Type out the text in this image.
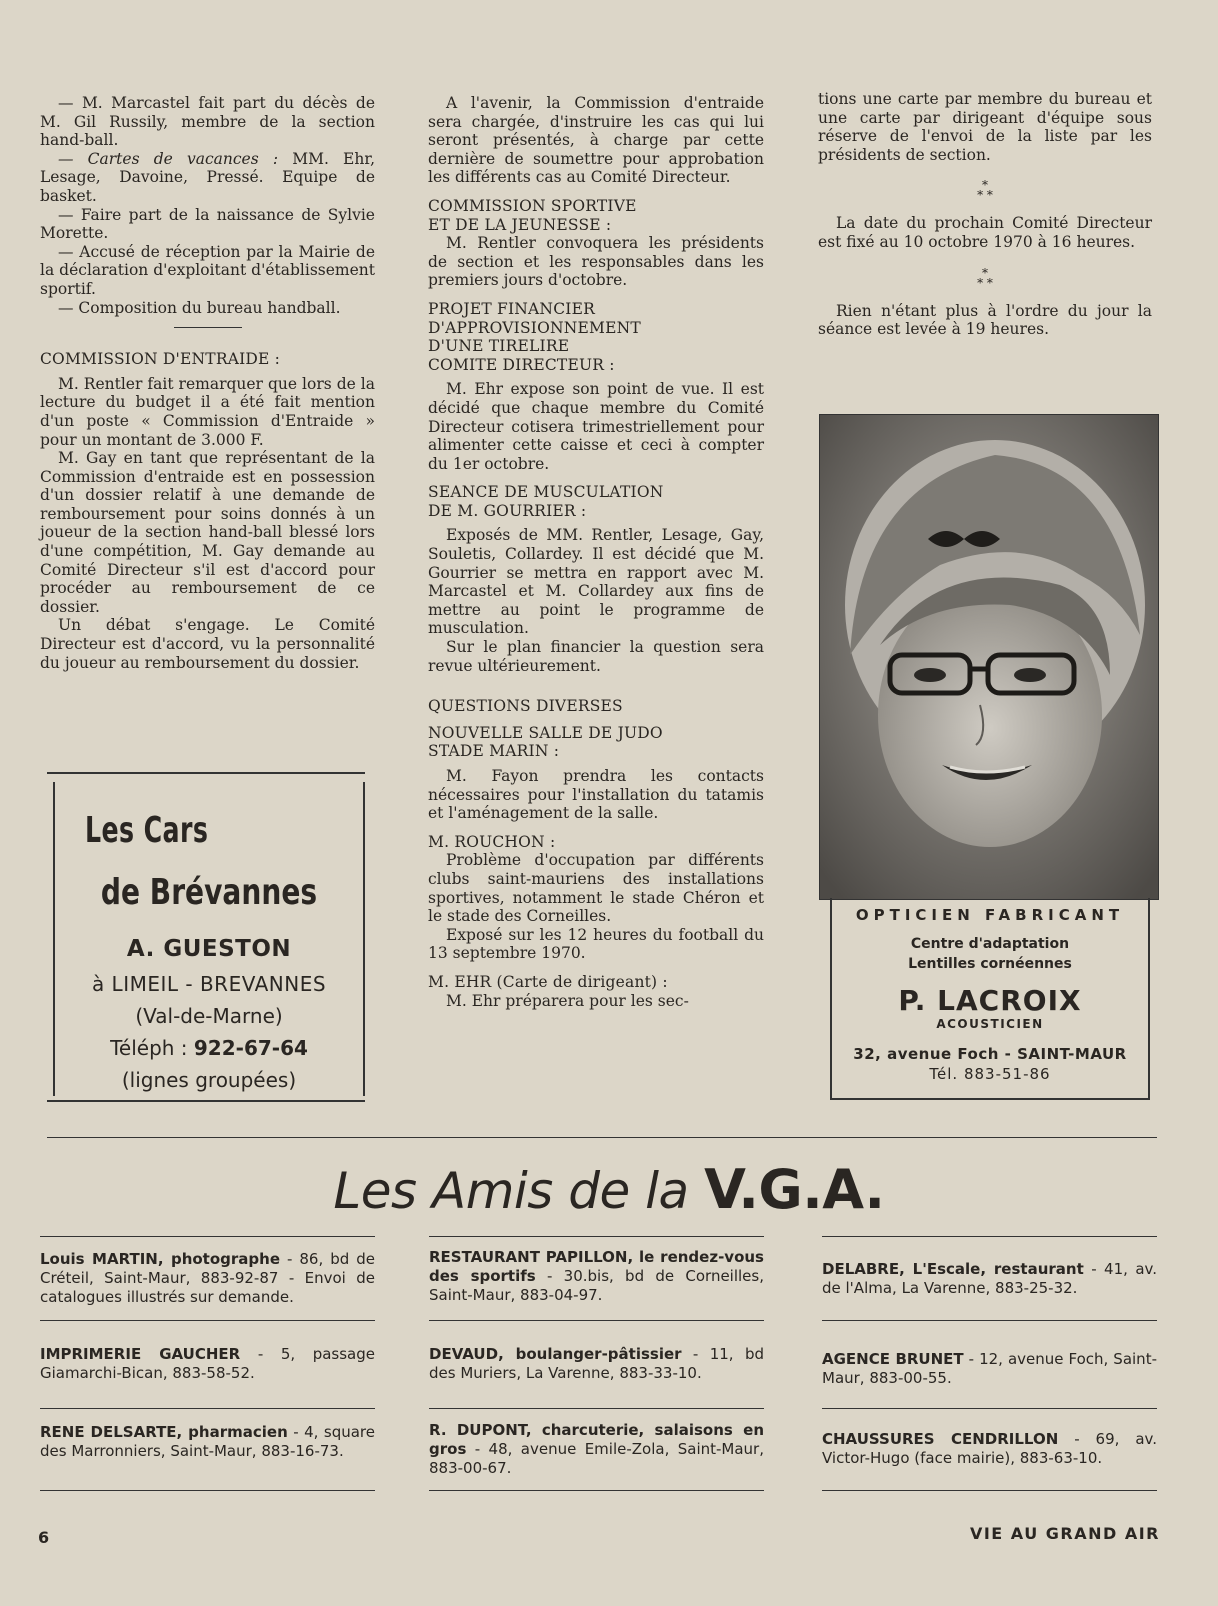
— M. Marcastel fait part du décès de M. Gil Russily, membre de la section hand-ball.

— Cartes de vacances : MM. Ehr, Lesage, Davoine, Pressé. Equipe de basket.

— Faire part de la naissance de Sylvie Morette.

— Accusé de réception par la Mairie de la déclaration d'exploitant d'établissement sportif.

— Composition du bureau handball.

COMMISSION D'ENTRAIDE :

M. Rentler fait remarquer que lors de la lecture du budget il a été fait mention d'un poste « Commission d'Entraide » pour un montant de 3.000 F.

M. Gay en tant que représentant de la Commission d'entraide est en possession d'un dossier relatif à une demande de remboursement pour soins donnés à un joueur de la section hand-ball blessé lors d'une compétition, M. Gay demande au Comité Directeur s'il est d'accord pour procéder au remboursement de ce dossier.

Un débat s'engage. Le Comité Directeur est d'accord, vu la personnalité du joueur au remboursement du dossier.

A l'avenir, la Commission d'entraide sera chargée, d'instruire les cas qui lui seront présentés, à charge par cette dernière de soumettre pour approbation les différents cas au Comité Directeur.

COMMISSION SPORTIVE

ET DE LA JEUNESSE :

M. Rentler convoquera les présidents de section et les responsables dans les premiers jours d'octobre.

PROJET FINANCIER

D'APPROVISIONNEMENT

D'UNE TIRELIRE

COMITE DIRECTEUR :

M. Ehr expose son point de vue. Il est décidé que chaque membre du Comité Directeur cotisera trimestriellement pour alimenter cette caisse et ceci à compter du 1er octobre.

SEANCE DE MUSCULATION

DE M. GOURRIER :

Exposés de MM. Rentler, Lesage, Gay, Souletis, Collardey. Il est décidé que M. Gourrier se mettra en rapport avec M. Marcastel et M. Collardey aux fins de mettre au point le programme de musculation.

Sur le plan financier la question sera revue ultérieurement.

QUESTIONS DIVERSES

NOUVELLE SALLE DE JUDO

STADE MARIN :

M. Fayon prendra les contacts nécessaires pour l'installation du tatamis et l'aménagement de la salle.

M. ROUCHON :

Problème d'occupation par différents clubs saint-mauriens des installations sportives, notamment le stade Chéron et le stade des Corneilles.

Exposé sur les 12 heures du football du 13 septembre 1970.

M. EHR (Carte de dirigeant) :

M. Ehr préparera pour les sec-

tions une carte par membre du bureau et une carte par dirigeant d'équipe sous réserve de l'envoi de la liste par les présidents de section.

*
* *

La date du prochain Comité Directeur est fixé au 10 octobre 1970 à 16 heures.

*
* *

Rien n'étant plus à l'ordre du jour la séance est levée à 19 heures.

Les Cars
de Brévannes
A. GUESTON
à LIMEIL - BREVANNES
(Val-de-Marne)
Téléph : 922-67-64
(lignes groupées)
OPTICIEN FABRICANT
Centre d'adaptation
Lentilles cornéennes
P. LACROIX
ACOUSTICIEN
32, avenue Foch - SAINT-MAUR
Tél. 883-51-86
Les Amis de la V.G.A.
Louis MARTIN, photographe - 86, bd de Créteil, Saint-Maur, 883-92-87 - Envoi de catalogues illustrés sur demande.
RESTAURANT PAPILLON, le rendez-vous des sportifs - 30.bis, bd de Corneilles, Saint-Maur, 883-04-97.
DELABRE, L'Escale, restaurant - 41, av. de l'Alma, La Varenne, 883-25-32.
IMPRIMERIE GAUCHER - 5, passage Giamarchi-Bican, 883-58-52.
DEVAUD, boulanger-pâtissier - 11, bd des Muriers, La Varenne, 883-33-10.
AGENCE BRUNET - 12, avenue Foch, Saint-Maur, 883-00-55.
RENE DELSARTE, pharmacien - 4, square des Marronniers, Saint-Maur, 883-16-73.
R. DUPONT, charcuterie, salaisons en gros - 48, avenue Emile-Zola, Saint-Maur, 883-00-67.
CHAUSSURES CENDRILLON - 69, av. Victor-Hugo (face mairie), 883-63-10.
6	VIE AU GRAND AIR
